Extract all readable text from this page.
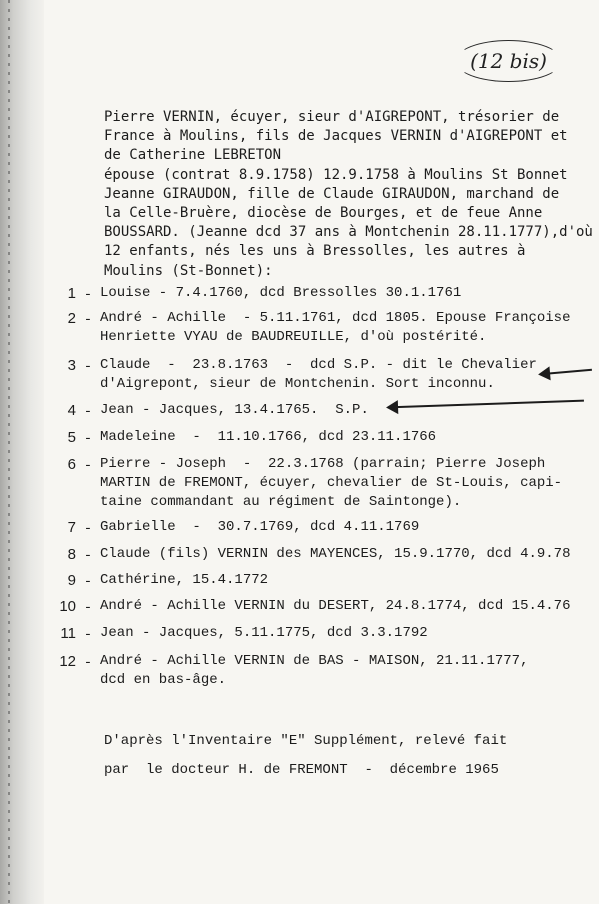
(12 bis)
Pierre VERNIN, écuyer, sieur d'AIGREPONT, trésorier de
France à Moulins, fils de Jacques VERNIN d'AIGREPONT et
de Catherine LEBRETON
épouse (contrat 8.9.1758) 12.9.1758 à Moulins St Bonnet
Jeanne GIRAUDON, fille de Claude GIRAUDON, marchand de
la Celle-Bruère, diocèse de Bourges, et de feue Anne
BOUSSARD. (Jeanne dcd 37 ans à Montchenin 28.11.1777),d'où
12 enfants, nés les uns à Bressolles, les autres à
Moulins (St-Bonnet):
1 - Louise - 7.4.1760, dcd Bressolles 30.1.1761
2 - André - Achille  - 5.11.1761, dcd 1805. Epouse Françoise
Henriette VYAU de BAUDREUILLE, d'où postérité.
3 - Claude  -  23.8.1763  -  dcd S.P. - dit le Chevalier
d'Aigrepont, sieur de Montchenin. Sort inconnu.
4 - Jean - Jacques, 13.4.1765.  S.P.
5 - Madeleine  -  11.10.1766, dcd 23.11.1766
6 - Pierre - Joseph  -  22.3.1768 (parrain; Pierre Joseph
MARTIN de FREMONT, écuyer, chevalier de St-Louis, capi-
taine commandant au régiment de Saintonge).
7 - Gabrielle  -  30.7.1769, dcd 4.11.1769
8 - Claude (fils) VERNIN des MAYENCES, 15.9.1770, dcd 4.9.78
9 - Cathérine, 15.4.1772
10 - André - Achille VERNIN du DESERT, 24.8.1774, dcd 15.4.76
11 - Jean - Jacques, 5.11.1775, dcd 3.3.1792
12 - André - Achille VERNIN de BAS - MAISON, 21.11.1777,
dcd en bas-âge.
D'après l'Inventaire "E" Supplément, relevé fait
par  le docteur H. de FREMONT  -  décembre 1965
